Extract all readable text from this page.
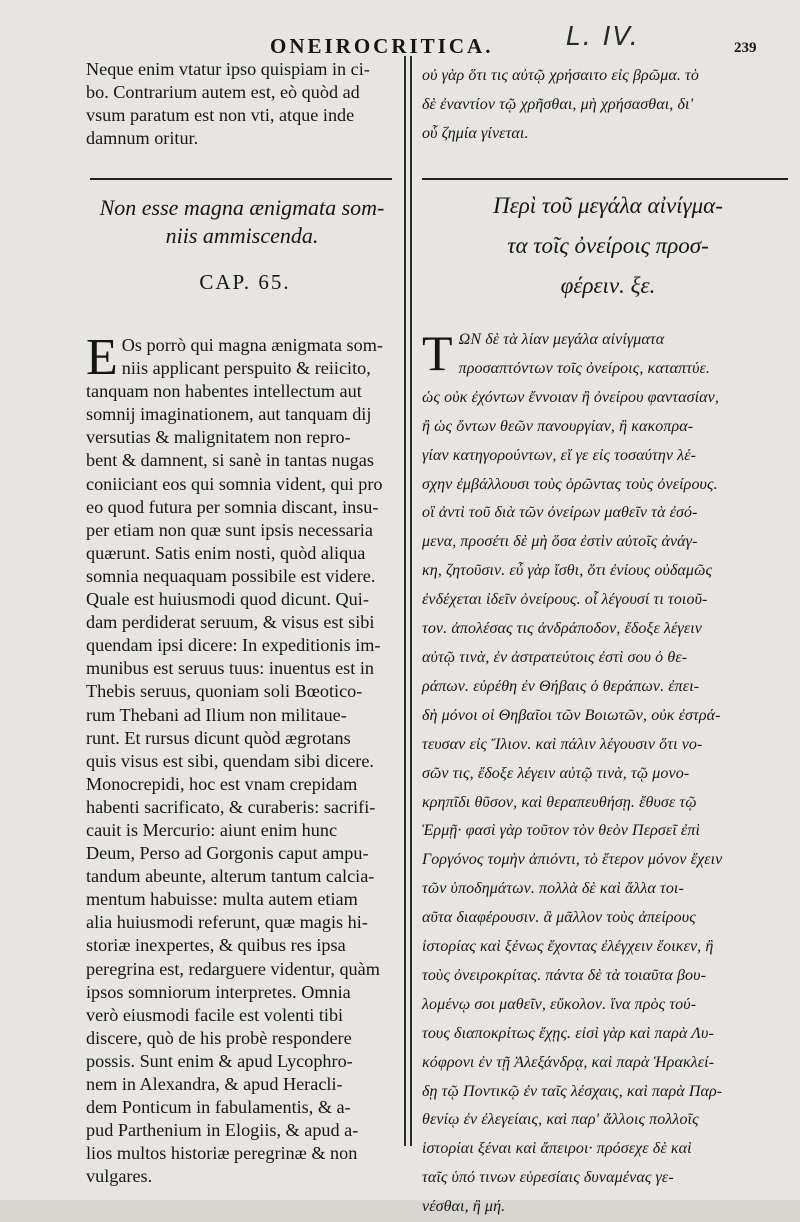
ONEIROCRITICA.	L. IV.	239
Neque enim vtatur ipso quispiam in ci-
bo. Contrarium autem est, eò quòd ad
vsum paratum est non vti, atque inde
damnum oritur.
Non esse magna ænigmata som-
niis ammiscenda.
CAP. 65.
E Os porrò qui magna ænigmata som-
niis applicant perspuito & reiicito,
tanquam non habentes intellectum aut
somnij imaginationem, aut tanquam dij
versutias & malignitatem non repro-
bent & damnent, si sanè in tantas nugas
coniiciant eos qui somnia vident, qui pro
eo quod futura per somnia discant, insu-
per etiam non quæ sunt ipsis necessaria
quærunt. Satis enim nosti, quòd aliqua
somnia nequaquam possibile est videre.
Quale est huiusmodi quod dicunt. Qui-
dam perdiderat seruum, & visus est sibi
quendam ipsi dicere: In expeditionis im-
munibus est seruus tuus: inuentus est in
Thebis seruus, quoniam soli Bœotico-
rum Thebani ad Ilium non militaue-
runt. Et rursus dicunt quòd ægrotans
quis visus est sibi, quendam sibi dicere.
Monocrepidi, hoc est vnam crepidam
habenti sacrificato, & curaberis: sacrifi-
cauit is Mercurio: aiunt enim hunc
Deum, Perso ad Gorgonis caput ampu-
tandum abeunte, alterum tantum calcia-
mentum habuisse: multa autem etiam
alia huiusmodi referunt, quæ magis hi-
storiæ inexpertes, & quibus res ipsa
peregrina est, redarguere videntur, quàm
ipsos somniorum interpretes. Omnia
verò eiusmodi facile est volenti tibi
discere, quò de his probè respondere
possis. Sunt enim & apud Lycophro-
nem in Alexandra, & apud Heracli-
dem Ponticum in fabulamentis, & a-
pud Parthenium in Elogiis, & apud a-
lios multos historiæ peregrinæ & non
vulgares.
οὐ γὰρ ὅτι τις αὐτῷ χρήσαιτο εἰς βρῶμα. τὸ
δὲ ἐναντίον τῷ χρῆσθαι, μὴ χρήσασθαι, δι'
οὗ ζημία γίνεται.
Περὶ τοῦ μεγάλα αἰνίγμα-
τα τοῖς ὀνείροις προσ-
φέρειν. ξε.
Τ ΩΝ δὲ τὰ λίαν μεγάλα αἰνίγματα
προσαπτόντων τοῖς ὀνείροις, καταπτύε.
ὡς οὐκ ἐχόντων ἔννοιαν ἢ ὀνείρου φαντασίαν,
ἢ ὡς ὄντων θεῶν πανουργίαν, ἢ κακοπρα-
γίαν κατηγορούντων, εἴ γε εἰς τοσαύτην λέ-
σχην ἐμβάλλουσι τοὺς ὁρῶντας τοὺς ὀνείρους.
οἳ ἀντὶ τοῦ διὰ τῶν ὀνείρων μαθεῖν τὰ ἐσό-
μενα, προσέτι δὲ μὴ ὅσα ἐστὶν αὐτοῖς ἀνάγ-
κη, ζητοῦσιν. εὖ γὰρ ἴσθι, ὅτι ἐνίους οὐδαμῶς
ἐνδέχεται ἰδεῖν ὀνείρους. οἷ λέγουσί τι τοιοῦ-
τον. ἀπολέσας τις ἀνδράποδον, ἔδοξε λέγειν
αὐτῷ τινὰ, ἐν ἀστρατεύτοις ἐστὶ σου ὁ θε-
ράπων. εὑρέθη ἐν Θήβαις ὁ θεράπων. ἐπει-
δὴ μόνοι οἱ Θηβαῖοι τῶν Βοιωτῶν, οὐκ ἐστρά-
τευσαν εἰς Ἴλιον. καὶ πάλιν λέγουσιν ὅτι νο-
σῶν τις, ἔδοξε λέγειν αὐτῷ τινὰ, τῷ μονο-
κρηπῖδι θῦσον, καὶ θεραπευθήσῃ. ἔθυσε τῷ
Ἑρμῇ· φασὶ γὰρ τοῦτον τὸν θεὸν Περσεῖ ἐπὶ
Γοργόνος τομὴν ἀπιόντι, τὸ ἕτερον μόνον ἔχειν
τῶν ὑποδημάτων. πολλὰ δὲ καὶ ἄλλα τοι-
αῦτα διαφέρουσιν. ἃ μᾶλλον τοὺς ἀπείρους
ἱστορίας καὶ ξένως ἔχοντας ἐλέγχειν ἔοικεν, ἢ
τοὺς ὀνειροκρίτας. πάντα δὲ τὰ τοιαῦτα βου-
λομένῳ σοι μαθεῖν, εὔκολον. ἵνα πρὸς τού-
τους διαποκρίτως ἔχῃς. εἰσὶ γὰρ καὶ παρὰ Λυ-
κόφρονι ἐν τῇ Ἀλεξάνδρᾳ, καὶ παρὰ Ἡρακλεί-
δῃ τῷ Ποντικῷ ἐν ταῖς λέσχαις, καὶ παρὰ Παρ-
θενίῳ ἐν ἐλεγείαις, καὶ παρ' ἄλλοις πολλοῖς
ἱστορίαι ξέναι καὶ ἄπειροι· πρόσεχε δὲ καὶ
ταῖς ὑπό τινων εὑρεσίαις δυναμένας γε-
νέσθαι, ἢ μή.
